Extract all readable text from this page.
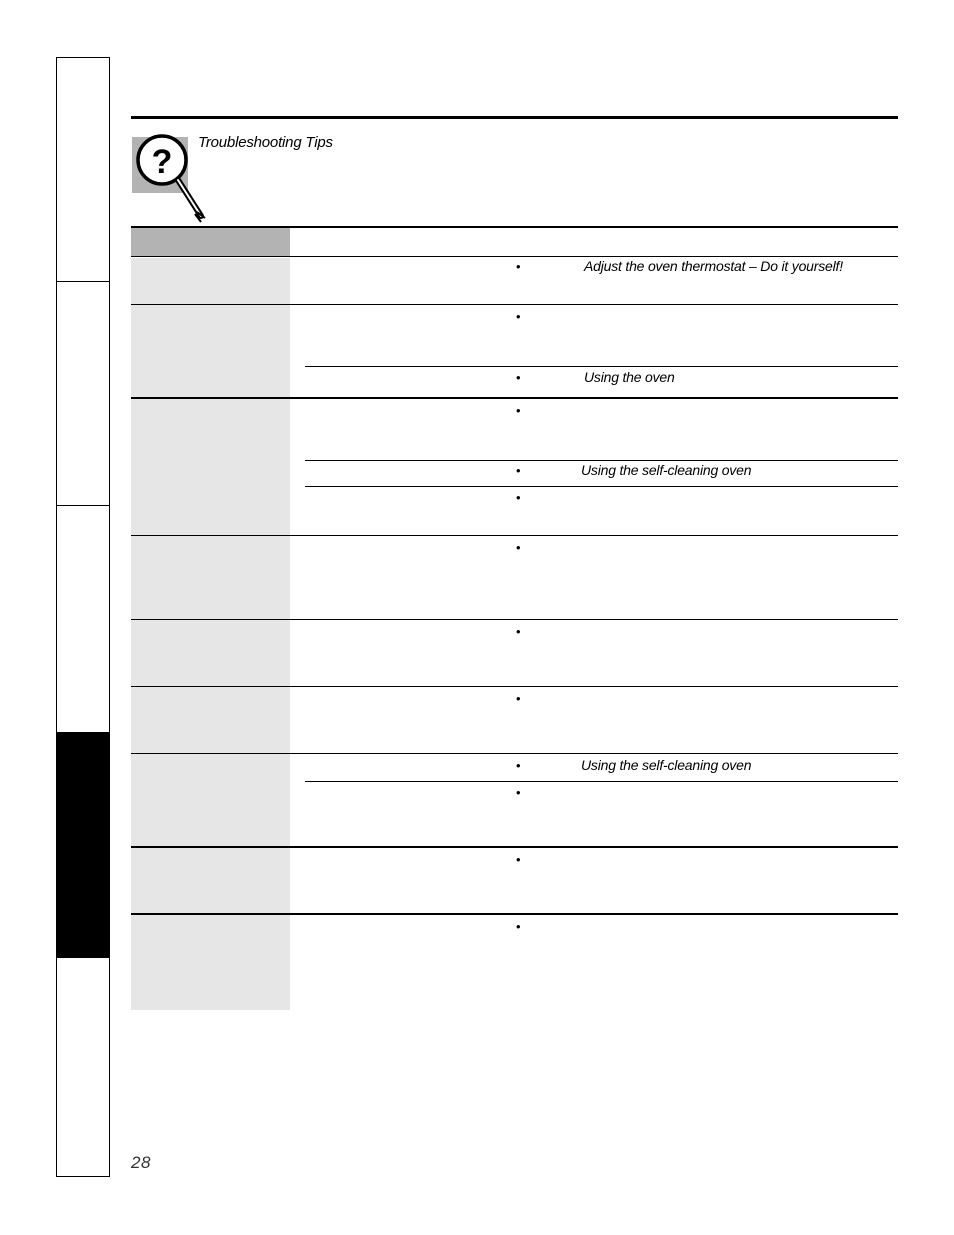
?
Troubleshooting Tips
•	Adjust the oven thermostat – Do it yourself!
•
•	Using the oven
•
•	Using the self-cleaning oven
•
•
•
•
•	Using the self-cleaning oven
•
•
•
28
